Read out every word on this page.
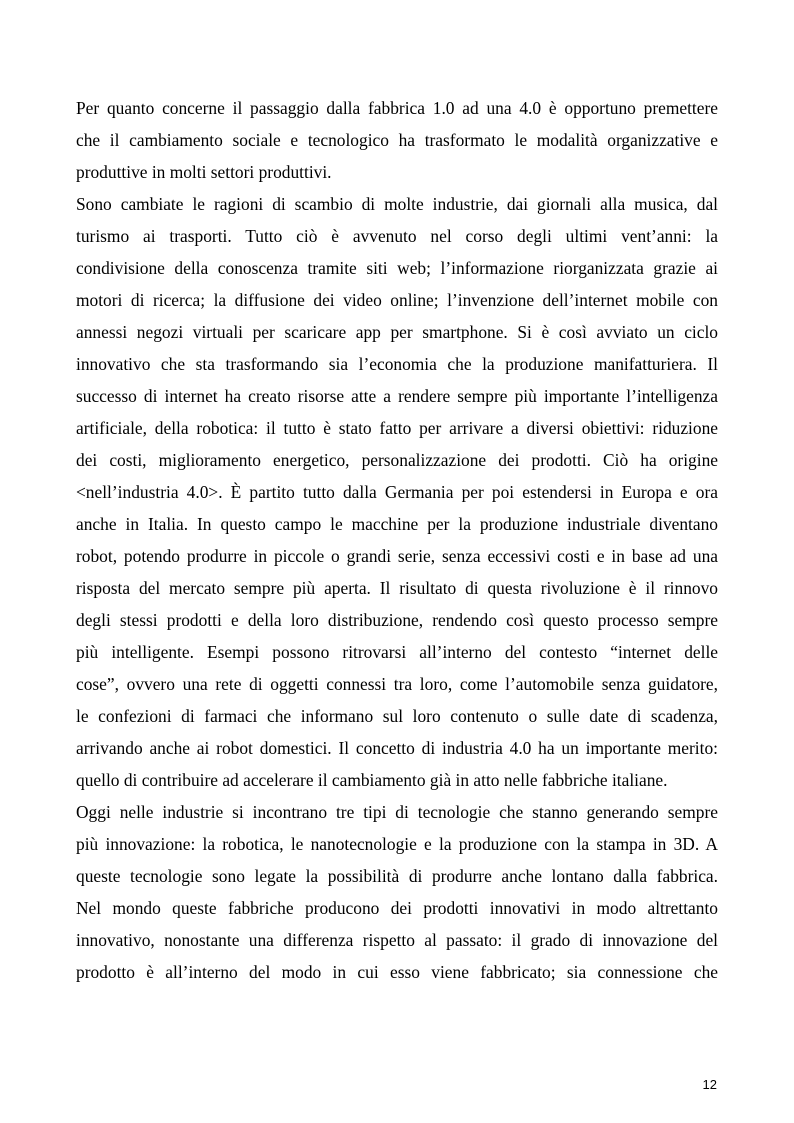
Per quanto concerne il passaggio dalla fabbrica 1.0 ad una 4.0 è opportuno premettere
che il cambiamento sociale e tecnologico ha trasformato le modalità organizzative e
produttive in molti settori produttivi.
Sono cambiate le ragioni di scambio di molte industrie, dai giornali alla musica, dal
turismo ai trasporti. Tutto ciò è avvenuto nel corso degli ultimi vent’anni: la
condivisione della conoscenza tramite siti web; l’informazione riorganizzata grazie ai
motori di ricerca; la diffusione dei video online; l’invenzione dell’internet mobile con
annessi negozi virtuali per scaricare app per smartphone. Si è così avviato un ciclo
innovativo che sta trasformando sia l’economia che la produzione manifatturiera. Il
successo di internet ha creato risorse atte a rendere sempre più importante l’intelligenza
artificiale, della robotica: il tutto è stato fatto per arrivare a diversi obiettivi: riduzione
dei costi, miglioramento energetico, personalizzazione dei prodotti. Ciò ha origine
<nell’industria 4.0>. È partito tutto dalla Germania per poi estendersi in Europa e ora
anche in Italia. In questo campo le macchine per la produzione industriale diventano
robot, potendo produrre in piccole o grandi serie, senza eccessivi costi e in base ad una
risposta del mercato sempre più aperta. Il risultato di questa rivoluzione è il rinnovo
degli stessi prodotti e della loro distribuzione, rendendo così questo processo sempre
più intelligente. Esempi possono ritrovarsi all’interno del contesto “internet delle
cose”, ovvero una rete di oggetti connessi tra loro, come l’automobile senza guidatore,
le confezioni di farmaci che informano sul loro contenuto o sulle date di scadenza,
arrivando anche ai robot domestici. Il concetto di industria 4.0 ha un importante merito:
quello di contribuire ad accelerare il cambiamento già in atto nelle fabbriche italiane.
Oggi nelle industrie si incontrano tre tipi di tecnologie che stanno generando sempre
più innovazione: la robotica, le nanotecnologie e la produzione con la stampa in 3D. A
queste tecnologie sono legate la possibilità di produrre anche lontano dalla fabbrica.
Nel mondo queste fabbriche producono dei prodotti innovativi in modo altrettanto
innovativo, nonostante una differenza rispetto al passato: il grado di innovazione del
prodotto è all’interno del modo in cui esso viene fabbricato; sia connessione che
12
